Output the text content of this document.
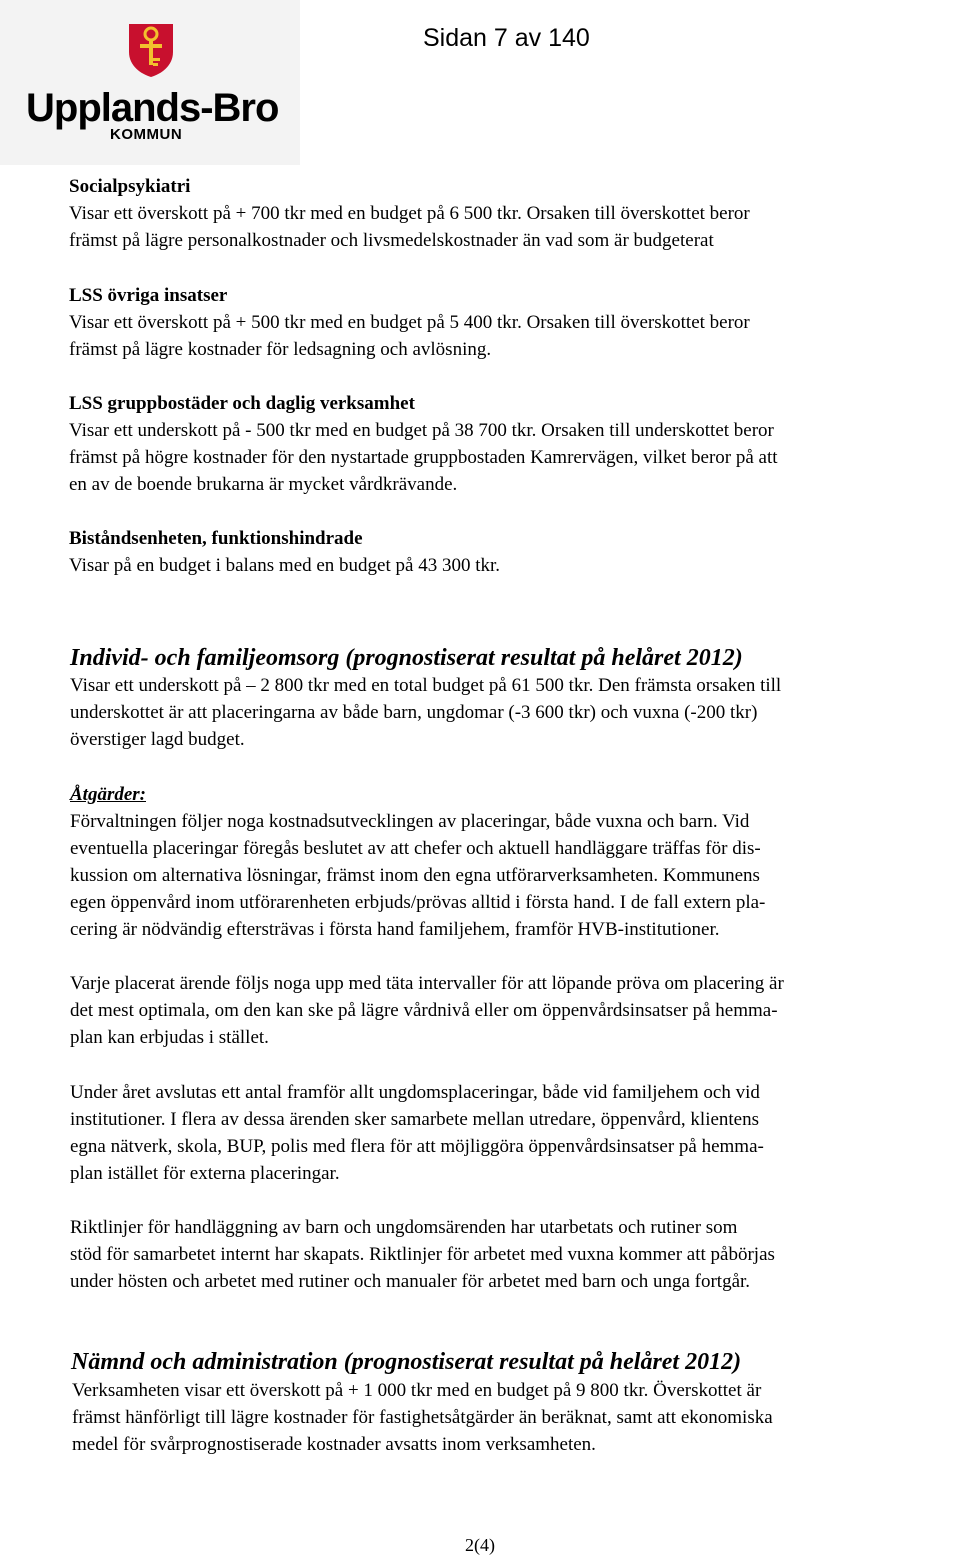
Upplands-Bro
KOMMUN
Sidan 7 av 140

Socialpsykiatri

Visar ett överskott på + 700 tkr med en budget på 6 500 tkr. Orsaken till överskottet beror
främst på lägre personalkostnader och livsmedelskostnader än vad som är budgeterat

LSS övriga insatser

Visar ett överskott på + 500 tkr med en budget på 5 400 tkr. Orsaken till överskottet beror
främst på lägre kostnader för ledsagning och avlösning.

LSS gruppbostäder och daglig verksamhet

Visar ett underskott på - 500 tkr med en budget på 38 700 tkr. Orsaken till underskottet beror
främst på högre kostnader för den nystartade gruppbostaden Kamrervägen, vilket beror på att
en av de boende brukarna är mycket vårdkrävande.

Biståndsenheten, funktionshindrade

Visar på en budget i balans med en budget på 43 300 tkr.
Individ- och familjeomsorg (prognostiserat resultat på helåret 2012)
Visar ett underskott på – 2 800 tkr med en total budget på 61 500 tkr. Den främsta orsaken till
underskottet är att placeringarna av både barn, ungdomar (-3 600 tkr) och vuxna (-200 tkr)
överstiger lagd budget.
Åtgärder:
Förvaltningen följer noga kostnadsutvecklingen av placeringar, både vuxna och barn. Vid
eventuella placeringar föregås beslutet av att chefer och aktuell handläggare träffas för dis-
kussion om alternativa lösningar, främst inom den egna utförarverksamheten. Kommunens
egen öppenvård inom utförarenheten erbjuds/prövas alltid i första hand. I de fall extern pla-
cering är nödvändig eftersträvas i första hand familjehem, framför HVB-institutioner.
Varje placerat ärende följs noga upp med täta intervaller för att löpande pröva om placering är
det mest optimala, om den kan ske på lägre vårdnivå eller om öppenvårdsinsatser på hemma-
plan kan erbjudas i stället.
Under året avslutas ett antal framför allt ungdomsplaceringar, både vid familjehem och vid
institutioner. I flera av dessa ärenden sker samarbete mellan utredare, öppenvård, klientens
egna nätverk, skola, BUP, polis med flera för att möjliggöra öppenvårdsinsatser på hemma-
plan istället för externa placeringar.
Riktlinjer för handläggning av barn och ungdomsärenden har utarbetats och rutiner som
stöd för samarbetet internt har skapats. Riktlinjer för arbetet med vuxna kommer att påbörjas
under hösten och arbetet med rutiner och manualer för arbetet med barn och unga fortgår.
Nämnd och administration (prognostiserat resultat på helåret 2012)
Verksamheten visar ett överskott på + 1 000 tkr med en budget på 9 800 tkr. Överskottet är
främst hänförligt till lägre kostnader för fastighetsåtgärder än beräknat, samt att ekonomiska
medel för svårprognostiserade kostnader avsatts inom verksamheten.
2(4)
